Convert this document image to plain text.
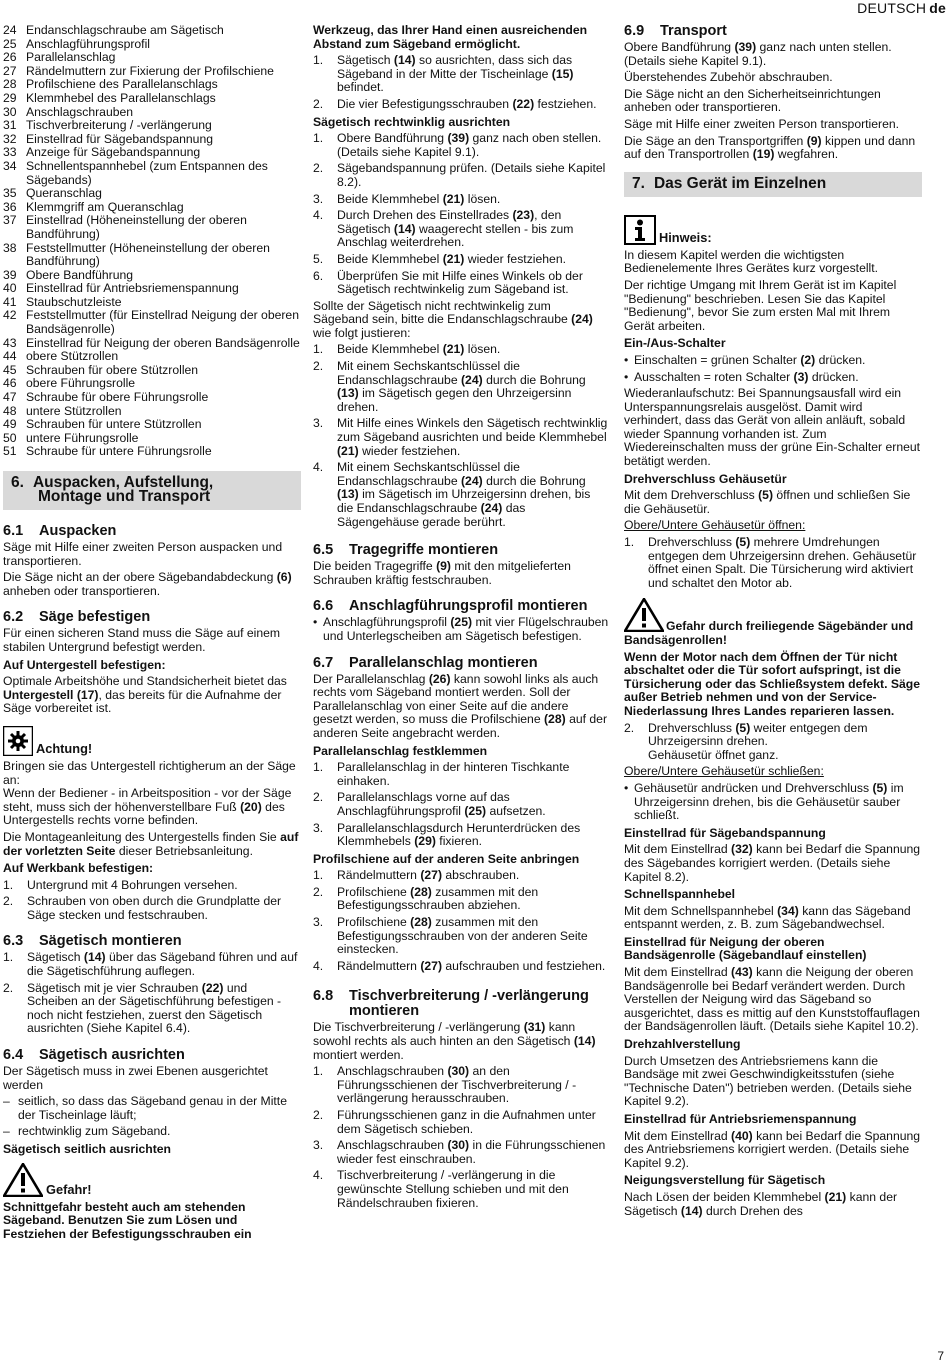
DEUTSCH de
24 Endanschlagschraube am Sägetisch
25 Anschlagführungsprofil
26 Parallelanschlag
27 Rändelmuttern zur Fixierung der Profilschiene
28 Profilschiene des Parallelanschlags
29 Klemmhebel des Parallelanschlags
30 Anschlagschrauben
31 Tischverbreiterung / -verlängerung
32 Einstellrad für Sägebandspannung
33 Anzeige für Sägebandspannung
34 Schnellentspannhebel (zum Entspannen des Sägebands)
35 Queranschlag
36 Klemmgriff am Queranschlag
37 Einstellrad (Höheneinstellung der oberen Bandführung)
38 Feststellmutter (Höheneinstellung der oberen Bandführung)
39 Obere Bandführung
40 Einstellrad für Antriebsriemenspannung
41 Staubschutzleiste
42 Feststellmutter (für Einstellrad Neigung der oberen Bandsägenrolle)
43 Einstellrad für Neigung der oberen Bandsägenrolle
44 obere Stützrollen
45 Schrauben für obere Stützrollen
46 obere Führungsrolle
47 Schraube für obere Führungsrolle
48 untere Stützrollen
49 Schrauben für untere Stützrollen
50 untere Führungsrolle
51 Schraube für untere Führungsrolle
6. Auspacken, Aufstellung,
Montage und Transport
6.1 Auspacken

Säge mit Hilfe einer zweiten Person auspacken und transportieren.

Die Säge nicht an der obere Sägebandabdeckung (6) anheben oder transportieren.

6.2 Säge befestigen

Für einen sicheren Stand muss die Säge auf einem stabilen Untergrund befestigt werden.

Auf Untergestell befestigen:

Optimale Arbeitshöhe und Standsicherheit bietet das Untergestell (17), das bereits für die Aufnahme der Säge vorbereitet ist.

Achtung!

Bringen sie das Untergestell richtigherum an der Säge an:

Wenn der Bediener - in Arbeitsposition - vor der Säge steht, muss sich der höhenverstellbare Fuß (20) des Untergestells rechts vorne befinden.

Die Montageanleitung des Untergestells finden Sie auf der vorletzten Seite dieser Betriebsanleitung.

Auf Werkbank befestigen:
1.	Untergrund mit 4 Bohrungen versehen.
2.	Schrauben von oben durch die Grundplatte der Säge stecken und festschrauben.
6.3 Sägetisch montieren
1.	Sägetisch (14) über das Sägeband führen und auf die Sägetischführung auflegen.
2.	Sägetisch mit je vier Schrauben (22) und Scheiben an der Sägetischführung befestigen - noch nicht festziehen, zuerst den Sägetisch ausrichten (Siehe Kapitel 6.4).
6.4 Sägetisch ausrichten

Der Sägetisch muss in zwei Ebenen ausgerichtet werden

– seitlich, so dass das Sägeband genau in der Mitte der Tischeinlage läuft;
– rechtwinklig zum Sägeband.
Sägetisch seitlich ausrichten
Gefahr!

Schnittgefahr besteht auch am stehenden Sägeband. Benutzen Sie zum Lösen und Festziehen der Befestigungsschrauben ein

Werkzeug, das Ihrer Hand einen ausreichenden Abstand zum Sägeband ermöglicht.

1.	Sägetisch (14) so ausrichten, dass sich das Sägeband in der Mitte der Tischeinlage (15) befindet.
2.	Die vier Befestigungsschrauben (22) festziehen.
Sägetisch rechtwinklig ausrichten
1.	Obere Bandführung (39) ganz nach oben stellen. (Details siehe Kapitel 9.1).
2.	Sägebandspannung prüfen. (Details siehe Kapitel 8.2).
3.	Beide Klemmhebel (21) lösen.
4.	Durch Drehen des Einstellrades (23), den Sägetisch (14) waagerecht stellen - bis zum Anschlag weiterdrehen.
5.	Beide Klemmhebel (21) wieder festziehen.
6.	Überprüfen Sie mit Hilfe eines Winkels ob der Sägetisch rechtwinkelig zum Sägeband ist.

Sollte der Sägetisch nicht rechtwinkelig zum Sägeband sein, bitte die Endanschlagschraube (24) wie folgt justieren:

1.	Beide Klemmhebel (21) lösen.
2.	Mit einem Sechskantschlüssel die Endanschlagschraube (24) durch die Bohrung (13) im Sägetisch gegen den Uhrzeigersinn drehen.
3.	Mit Hilfe eines Winkels den Sägetisch rechtwinklig zum Sägeband ausrichten und beide Klemmhebel (21) wieder festziehen.
4.	Mit einem Sechskantschlüssel die Endanschlagschraube (24) durch die Bohrung (13) im Sägetisch im Uhrzeigersinn drehen, bis die Endanschlagschraube (24) das Sägengehäuse gerade berührt.
6.5 Tragegriffe montieren

Die beiden Tragegriffe (9) mit den mitgelieferten Schrauben kräftig festschrauben.

6.6 Anschlagführungsprofil montieren
• Anschlagführungsprofil (25) mit vier Flügelschrauben und Unterlegscheiben am Sägetisch befestigen.
6.7 Parallelanschlag montieren

Der Parallelanschlag (26) kann sowohl links als auch rechts vom Sägeband montiert werden. Soll der Parallelanschlag von einer Seite auf die andere gesetzt werden, so muss die Profilschiene (28) auf der anderen Seite angebracht werden.

Parallelanschlag festklemmen
1.	Parallelanschlag in der hinteren Tischkante einhaken.
2.	Parallelanschlags vorne auf das Anschlagführungsprofil (25) aufsetzen.
3.	Parallelanschlagsdurch Herunterdrücken des Klemmhebels (29) fixieren.
Profilschiene auf der anderen Seite anbringen
1.	Rändelmuttern (27) abschrauben.
2.	Profilschiene (28) zusammen mit den Befestigungsschrauben abziehen.
3.	Profilschiene (28) zusammen mit den Befestigungsschrauben von der anderen Seite einstecken.
4.	Rändelmuttern (27) aufschrauben und festziehen.
6.8 Tischverbreiterung / -verlängerung
montieren

Die Tischverbreiterung / -verlängerung (31) kann sowohl rechts als auch hinten an den Sägetisch (14) montiert werden.

1.	Anschlagschrauben (30) an den Führungsschienen der Tischverbreiterung / -verlängerung herausschrauben.
2.	Führungsschienen ganz in die Aufnahmen unter dem Sägetisch schieben.
3.	Anschlagschrauben (30) in die Führungsschienen wieder fest einschrauben.
4.	Tischverbreiterung / -verlängerung in die gewünschte Stellung schieben und mit den Rändelschrauben fixieren.
6.9 Transport

Obere Bandführung (39) ganz nach unten stellen. (Details siehe Kapitel 9.1).

Überstehendes Zubehör abschrauben.

Die Säge nicht an den Sicherheitseinrichtungen anheben oder transportieren.

Säge mit Hilfe einer zweiten Person transportieren.

Die Säge an den Transportgriffen (9) kippen und dann auf den Transportrollen (19) wegfahren.

7. Das Gerät im Einzelnen
Hinweis:

In diesem Kapitel werden die wichtigsten Bedienelemente Ihres Gerätes kurz vorgestellt.

Der richtige Umgang mit Ihrem Gerät ist im Kapitel "Bedienung" beschrieben. Lesen Sie das Kapitel "Bedienung", bevor Sie zum ersten Mal mit Ihrem Gerät arbeiten.

Ein-/Aus-Schalter
• Einschalten = grünen Schalter (2) drücken.
• Ausschalten = roten Schalter (3) drücken.

Wiederanlaufschutz: Bei Spannungsausfall wird ein Unterspannungsrelais ausgelöst. Damit wird verhindert, dass das Gerät von allein anläuft, sobald wieder Spannung vorhanden ist. Zum Wiedereinschalten muss der grüne Ein-Schalter erneut betätigt werden.

Drehverschluss Gehäusetür

Mit dem Drehverschluss (5) öffnen und schließen Sie die Gehäusetür.

Obere/Untere Gehäusetür öffnen:
1.	Drehverschluss (5) mehrere Umdrehungen entgegen dem Uhrzeigersinn drehen. Gehäusetür öffnet einen Spalt. Die Türsicherung wird aktiviert und schaltet den Motor ab.
Gefahr durch freiliegende Sägebänder und Bandsägenrollen!

Wenn der Motor nach dem Öffnen der Tür nicht abschaltet oder die Tür sofort aufspringt, ist die Türsicherung oder das Schließsystem defekt. Säge außer Betrieb nehmen und von der Service-Niederlassung Ihres Landes reparieren lassen.

2.	Drehverschluss (5) weiter entgegen dem Uhrzeigersinn drehen.
Gehäusetür öffnet ganz.
Obere/Untere Gehäusetür schließen:
• Gehäusetür andrücken und Drehverschluss (5) im Uhrzeigersinn drehen, bis die Gehäusetür sauber schließt.
Einstellrad für Sägebandspannung

Mit dem Einstellrad (32) kann bei Bedarf die Spannung des Sägebandes korrigiert werden. (Details siehe Kapitel 8.2).

Schnellspannhebel

Mit dem Schnellspannhebel (34) kann das Sägeband entspannt werden, z. B. zum Sägebandwechsel.

Einstellrad für Neigung der oberen
Bandsägenrolle (Sägebandlauf einstellen)

Mit dem Einstellrad (43) kann die Neigung der oberen Bandsägenrolle bei Bedarf verändert werden. Durch Verstellen der Neigung wird das Sägeband so ausgerichtet, dass es mittig auf den Kunststoffauflagen der Bandsägenrollen läuft. (Details siehe Kapitel 10.2).

Drehzahlverstellung

Durch Umsetzen des Antriebsriemens kann die Bandsäge mit zwei Geschwindigkeitsstufen (siehe "Technische Daten") betrieben werden. (Details siehe Kapitel 9.2).

Einstellrad für Antriebsriemenspannung

Mit dem Einstellrad (40) kann bei Bedarf die Spannung des Antriebsriemens korrigiert werden. (Details siehe Kapitel 9.2).

Neigungsverstellung für Sägetisch

Nach Lösen der beiden Klemmhebel (21) kann der Sägetisch (14) durch Drehen des

7
